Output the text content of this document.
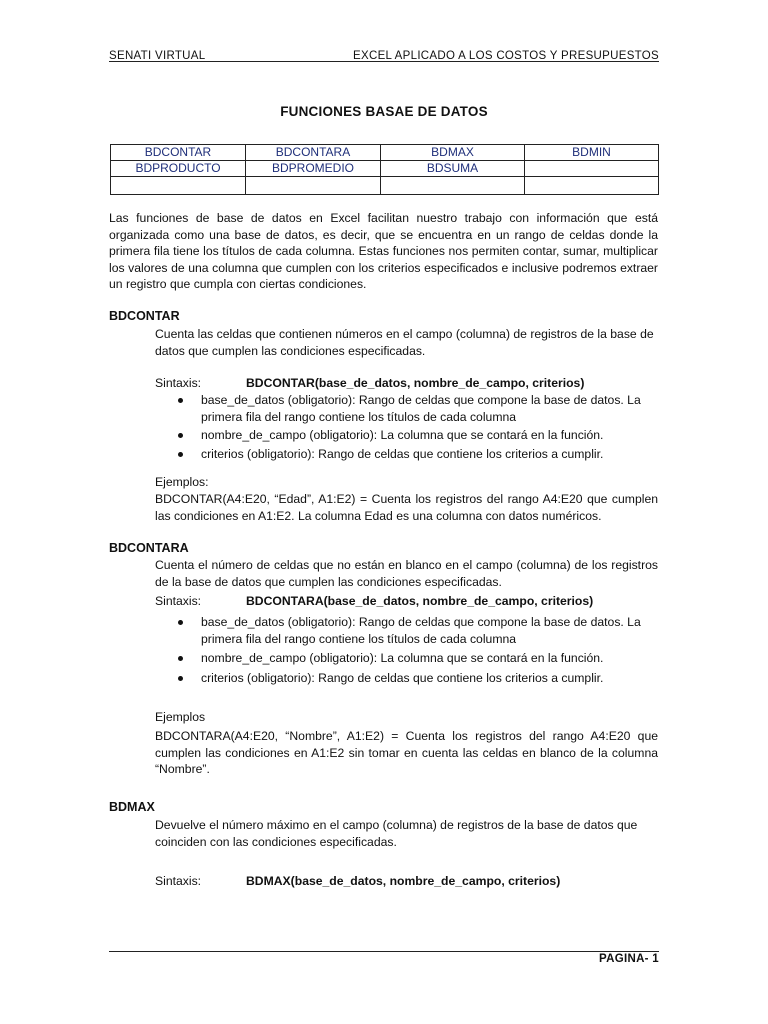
SENATI VIRTUAL	EXCEL APLICADO A LOS COSTOS Y PRESUPUESTOS
FUNCIONES BASAE DE DATOS
BDCONTAR	BDCONTARA	BDMAX	BDMIN
BDPRODUCTO	BDPROMEDIO	BDSUMA	

Las funciones de base de datos en Excel facilitan nuestro trabajo con información que está organizada como una base de datos, es decir, que se encuentra en un rango de celdas donde la primera fila tiene los títulos de cada columna. Estas funciones nos permiten contar, sumar, multiplicar los valores de una columna que cumplen con los criterios especificados e inclusive podremos extraer un registro que cumpla con ciertas condiciones.
BDCONTAR
Cuenta las celdas que contienen números en el campo (columna) de registros de la base de datos que cumplen las condiciones especificadas.
Sintaxis:	BDCONTAR(base_de_datos, nombre_de_campo, criterios)
base_de_datos (obligatorio): Rango de celdas que compone la base de datos. La primera fila del rango contiene los títulos de cada columna
nombre_de_campo (obligatorio): La columna que se contará en la función.
criterios (obligatorio): Rango de celdas que contiene los criterios a cumplir.
Ejemplos:
BDCONTAR(A4:E20, “Edad”, A1:E2) = Cuenta los registros del rango A4:E20 que cumplen las condiciones en A1:E2. La columna Edad es una columna con datos numéricos.
BDCONTARA
Cuenta el número de celdas que no están en blanco en el campo (columna) de los registros de la base de datos que cumplen las condiciones especificadas.
Sintaxis:	BDCONTARA(base_de_datos, nombre_de_campo, criterios)
base_de_datos (obligatorio): Rango de celdas que compone la base de datos. La primera fila del rango contiene los títulos de cada columna
nombre_de_campo (obligatorio): La columna que se contará en la función.
criterios (obligatorio): Rango de celdas que contiene los criterios a cumplir.
Ejemplos
BDCONTARA(A4:E20, “Nombre”, A1:E2) = Cuenta los registros del rango A4:E20 que cumplen las condiciones en A1:E2 sin tomar en cuenta las celdas en blanco de la columna “Nombre”.
BDMAX
Devuelve el número máximo en el campo (columna) de registros de la base de datos que coinciden con las condiciones especificadas.
Sintaxis:	BDMAX(base_de_datos, nombre_de_campo, criterios)
PAGINA- 1
